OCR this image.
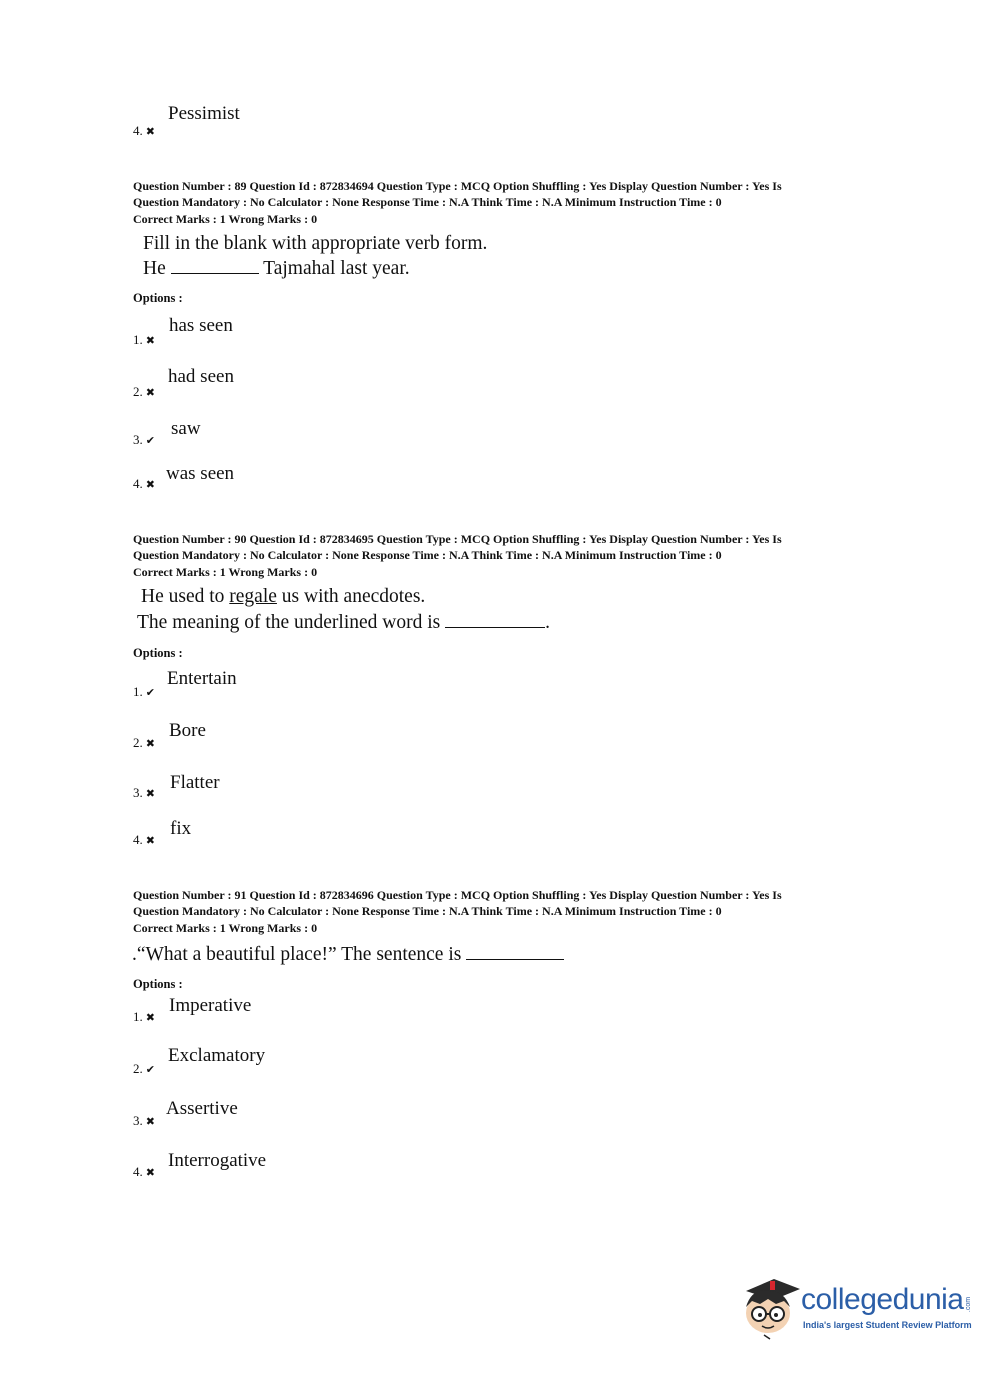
4. ✖
Pessimist
Question Number : 89 Question Id : 872834694 Question Type : MCQ Option Shuffling : Yes Display Question Number : Yes Is
Question Mandatory : No Calculator : None Response Time : N.A Think Time : N.A Minimum Instruction Time : 0
Correct Marks : 1 Wrong Marks : 0
Fill in the blank with appropriate verb form.
He	Tajmahal last year.
Options :
1. ✖
has seen
2. ✖
had seen
3. ✔
saw
4. ✖
was seen
Question Number : 90 Question Id : 872834695 Question Type : MCQ Option Shuffling : Yes Display Question Number : Yes Is
Question Mandatory : No Calculator : None Response Time : N.A Think Time : N.A Minimum Instruction Time : 0
Correct Marks : 1 Wrong Marks : 0
He used to regale us with anecdotes.
The meaning of the underlined word is	.
Options :
1. ✔
Entertain
2. ✖
Bore
3. ✖
Flatter
4. ✖
fix
Question Number : 91 Question Id : 872834696 Question Type : MCQ Option Shuffling : Yes Display Question Number : Yes Is
Question Mandatory : No Calculator : None Response Time : N.A Think Time : N.A Minimum Instruction Time : 0
Correct Marks : 1 Wrong Marks : 0
.“What a beautiful place!” The sentence is
Options :
1. ✖
Imperative
2. ✔
Exclamatory
3. ✖
Assertive
4. ✖
Interrogative
collegedunia .com
India's largest Student Review Platform
